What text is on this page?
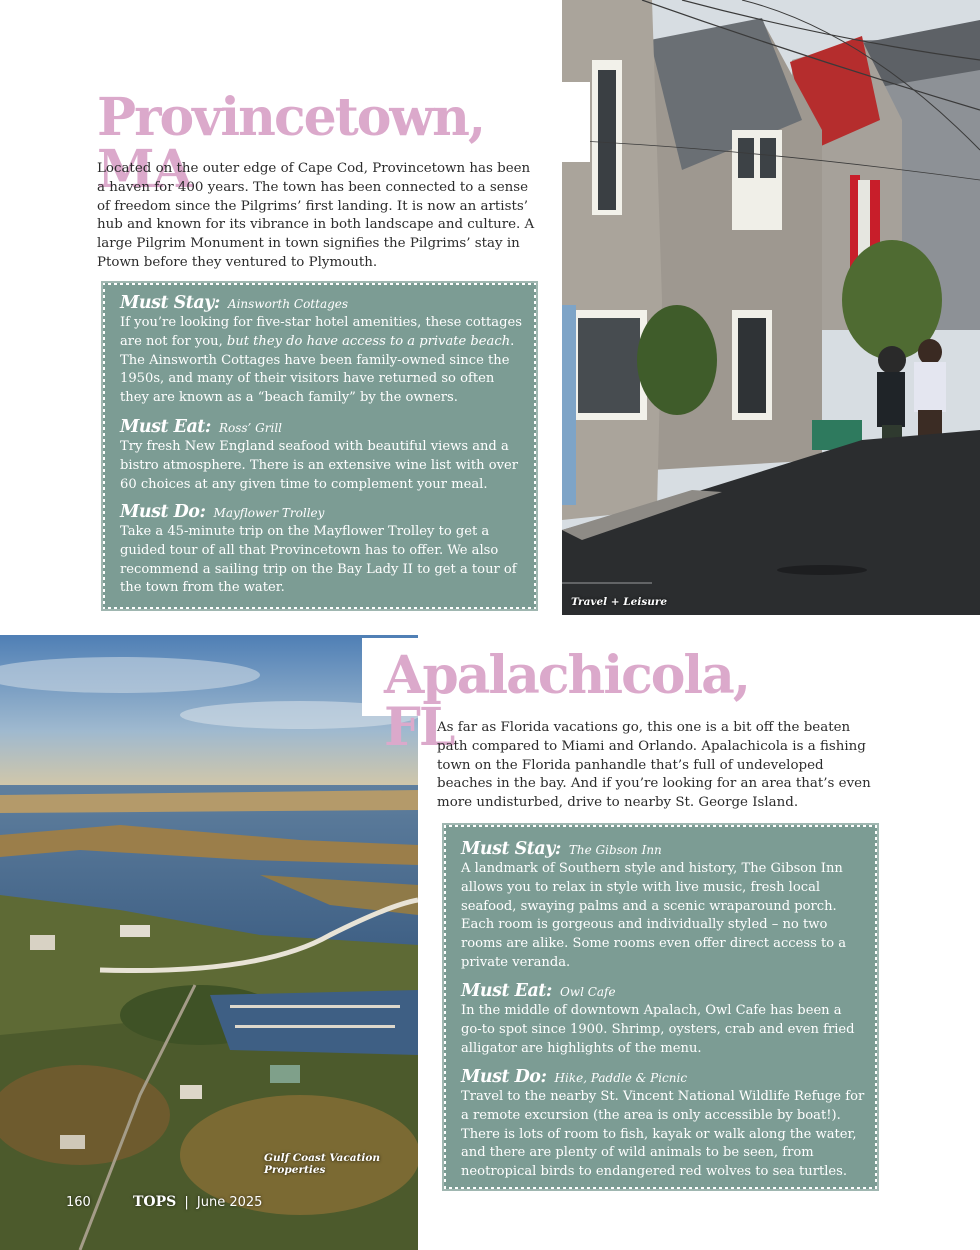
Travel + Leisure
Provincetown, MA

Located on the outer edge of Cape Cod, Provincetown has been a haven for 400 years. The town has been connected to a sense of freedom since the Pilgrims’ first landing. It is now an artists’ hub and known for its vibrance in both landscape and culture. A large Pilgrim Monument in town signifies the Pilgrims’ stay in Ptown before they ventured to Plymouth.

Must Stay: Ainsworth Cottages

If you’re looking for five-star hotel amenities, these cottages are not for you, but they do have access to a private beach. The Ainsworth Cottages have been family-owned since the 1950s, and many of their visitors have returned so often they are known as a “beach family” by the owners.

Must Eat: Ross’ Grill

Try fresh New England seafood with beautiful views and a bistro atmosphere. There is an extensive wine list with over 60 choices at any given time to complement your meal.

Must Do: Mayflower Trolley

Take a 45-minute trip on the Mayflower Trolley to get a guided tour of all that Provincetown has to offer. We also recommend a sailing trip on the Bay Lady II to get a tour of the town from the water.

Gulf Coast Vacation Properties
Apalachicola, FL

As far as Florida vacations go, this one is a bit off the beaten path compared to Miami and Orlando. Apalachicola is a fishing town on the Florida panhandle that’s full of undeveloped beaches in the bay. And if you’re looking for an area that’s even more undisturbed, drive to nearby St. George Island.

Must Stay: The Gibson Inn

A landmark of Southern style and history, The Gibson Inn allows you to relax in style with live music, fresh local seafood, swaying palms and a scenic wraparound porch. Each room is gorgeous and individually styled – no two rooms are alike. Some rooms even offer direct access to a private veranda.

Must Eat: Owl Cafe

In the middle of downtown Apalach, Owl Cafe has been a go-to spot since 1900. Shrimp, oysters, crab and even fried alligator are highlights of the menu.

Must Do: Hike, Paddle & Picnic

Travel to the nearby St. Vincent National Wildlife Refuge for a remote excursion (the area is only accessible by boat!). There is lots of room to fish, kayak or walk along the water, and there are plenty of wild animals to be seen, from neotropical birds to endangered red wolves to sea turtles.

160	TOPS | June 2025
